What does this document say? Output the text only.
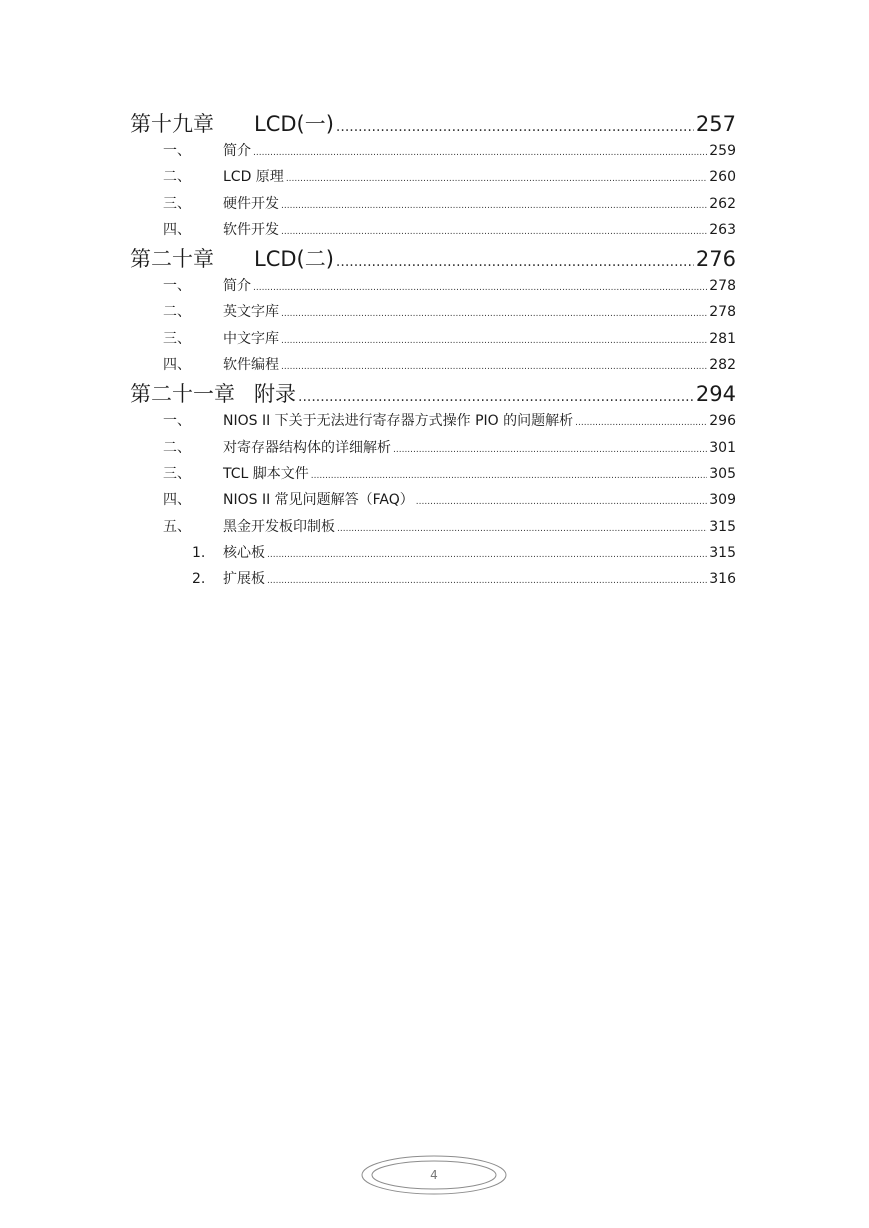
第十九章	LCD(一) .....	257
一、	简介 .....	259
二、	LCD 原理 .....	260
三、	硬件开发 .....	262
四、	软件开发 .....	263
第二十章	LCD(二) .....	276
一、	简介 .....	278
二、	英文字库 .....	278
三、	中文字库 .....	281
四、	软件编程 .....	282
第二十一章 附录 .....	294
一、	NIOS II 下关于无法进行寄存器方式操作 PIO 的问题解析 .....	296
二、	对寄存器结构体的详细解析 .....	301
三、	TCL 脚本文件 .....	305
四、	NIOS II 常见问题解答（FAQ） .....	309
五、	黑金开发板印制板 .....	315
1.	核心板 .....	315
2.	扩展板 .....	316
4
